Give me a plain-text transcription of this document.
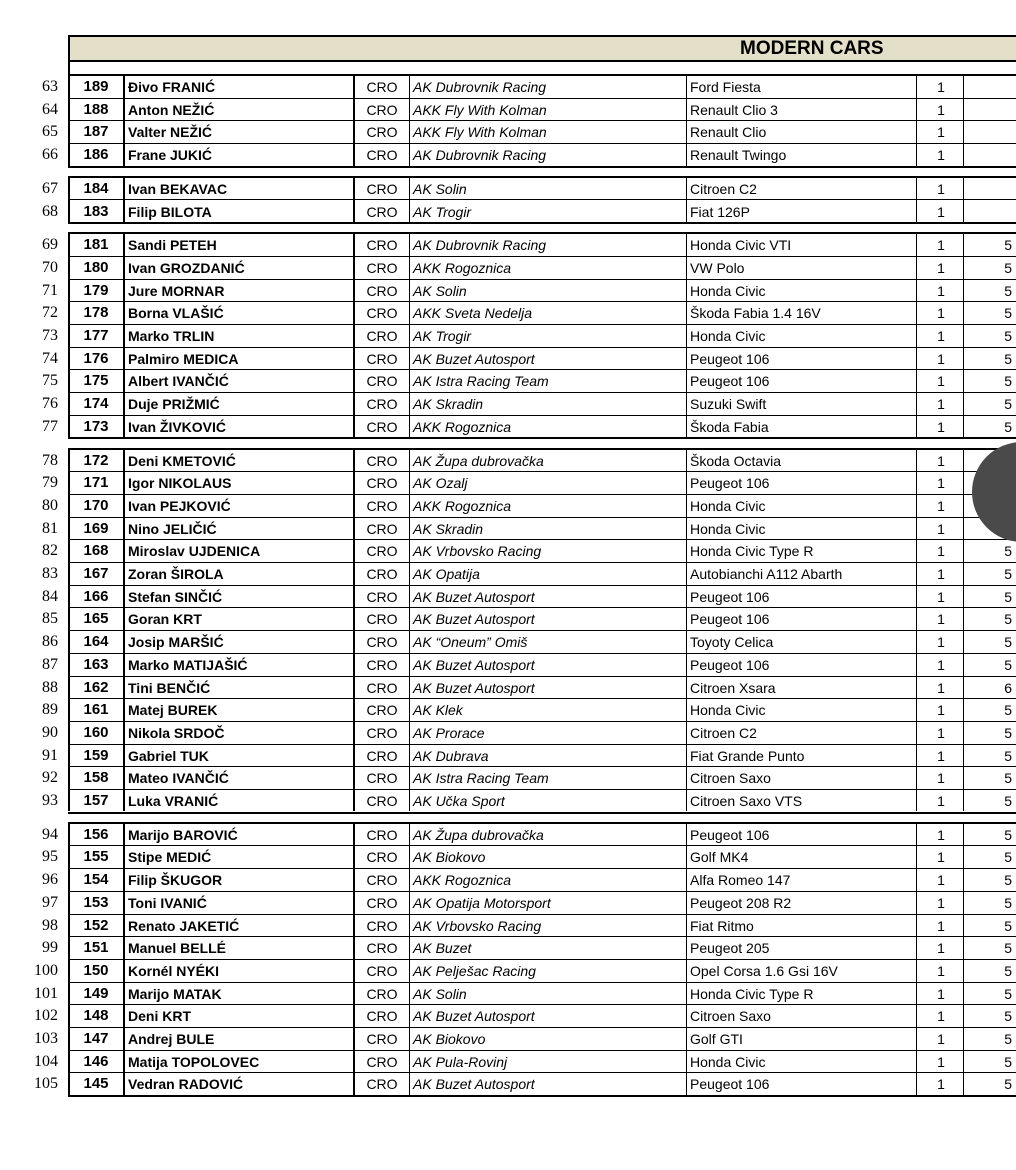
MODERN CARS
63	189	Đivo FRANIĆ	CRO	AK Dubrovnik Racing	Ford Fiesta	1
64	188	Anton NEŽIĆ	CRO	AKK Fly With Kolman	Renault Clio 3	1
65	187	Valter NEŽIĆ	CRO	AKK Fly With Kolman	Renault Clio	1
66	186	Frane JUKIĆ	CRO	AK Dubrovnik Racing	Renault Twingo	1
67	184	Ivan BEKAVAC	CRO	AK Solin	Citroen C2	1
68	183	Filip BILOTA	CRO	AK Trogir	Fiat 126P	1
69	181	Sandi PETEH	CRO	AK Dubrovnik Racing	Honda Civic VTI	1	5
70	180	Ivan GROZDANIĆ	CRO	AKK Rogoznica	VW Polo	1	5
71	179	Jure MORNAR	CRO	AK Solin	Honda Civic	1	5
72	178	Borna VLAŠIĆ	CRO	AKK Sveta Nedelja	Škoda Fabia 1.4 16V	1	5
73	177	Marko TRLIN	CRO	AK Trogir	Honda Civic	1	5
74	176	Palmiro MEDICA	CRO	AK Buzet Autosport	Peugeot 106	1	5
75	175	Albert IVANČIĆ	CRO	AK Istra Racing Team	Peugeot 106	1	5
76	174	Duje PRIŽMIĆ	CRO	AK Skradin	Suzuki Swift	1	5
77	173	Ivan ŽIVKOVIĆ	CRO	AKK Rogoznica	Škoda Fabia	1	5
78	172	Deni KMETOVIĆ	CRO	AK Župa dubrovačka	Škoda Octavia	1
79	171	Igor NIKOLAUS	CRO	AK Ozalj	Peugeot 106	1
80	170	Ivan PEJKOVIĆ	CRO	AKK Rogoznica	Honda Civic	1
81	169	Nino JELIČIĆ	CRO	AK Skradin	Honda Civic	1
82	168	Miroslav UJDENICA	CRO	AK Vrbovsko Racing	Honda Civic Type R	1	5
83	167	Zoran ŠIROLA	CRO	AK Opatija	Autobianchi A112 Abarth	1	5
84	166	Stefan SINČIĆ	CRO	AK Buzet Autosport	Peugeot 106	1	5
85	165	Goran KRT	CRO	AK Buzet Autosport	Peugeot 106	1	5
86	164	Josip MARŠIĆ	CRO	AK “Oneum” Omiš	Toyoty Celica	1	5
87	163	Marko MATIJAŠIĆ	CRO	AK Buzet Autosport	Peugeot 106	1	5
88	162	Tini BENČIĆ	CRO	AK Buzet Autosport	Citroen Xsara	1	6
89	161	Matej BUREK	CRO	AK Klek	Honda Civic	1	5
90	160	Nikola SRDOČ	CRO	AK Prorace	Citroen C2	1	5
91	159	Gabriel TUK	CRO	AK Dubrava	Fiat Grande Punto	1	5
92	158	Mateo IVANČIĆ	CRO	AK Istra Racing Team	Citroen Saxo	1	5
93	157	Luka VRANIĆ	CRO	AK Učka Sport	Citroen Saxo VTS	1	5
94	156	Marijo BAROVIĆ	CRO	AK Župa dubrovačka	Peugeot 106	1	5
95	155	Stipe MEDIĆ	CRO	AK Biokovo	Golf MK4	1	5
96	154	Filip ŠKUGOR	CRO	AKK Rogoznica	Alfa Romeo 147	1	5
97	153	Toni IVANIĆ	CRO	AK Opatija Motorsport	Peugeot 208 R2	1	5
98	152	Renato JAKETIĆ	CRO	AK Vrbovsko Racing	Fiat Ritmo	1	5
99	151	Manuel BELLÉ	CRO	AK Buzet	Peugeot 205	1	5
100	150	Kornél NYÉKI	CRO	AK Pelješac Racing	Opel Corsa 1.6 Gsi 16V	1	5
101	149	Marijo MATAK	CRO	AK Solin	Honda Civic Type R	1	5
102	148	Deni KRT	CRO	AK Buzet Autosport	Citroen Saxo	1	5
103	147	Andrej BULE	CRO	AK Biokovo	Golf GTI	1	5
104	146	Matija TOPOLOVEC	CRO	AK Pula-Rovinj	Honda Civic	1	5
105	145	Vedran RADOVIĆ	CRO	AK Buzet Autosport	Peugeot 106	1	5
